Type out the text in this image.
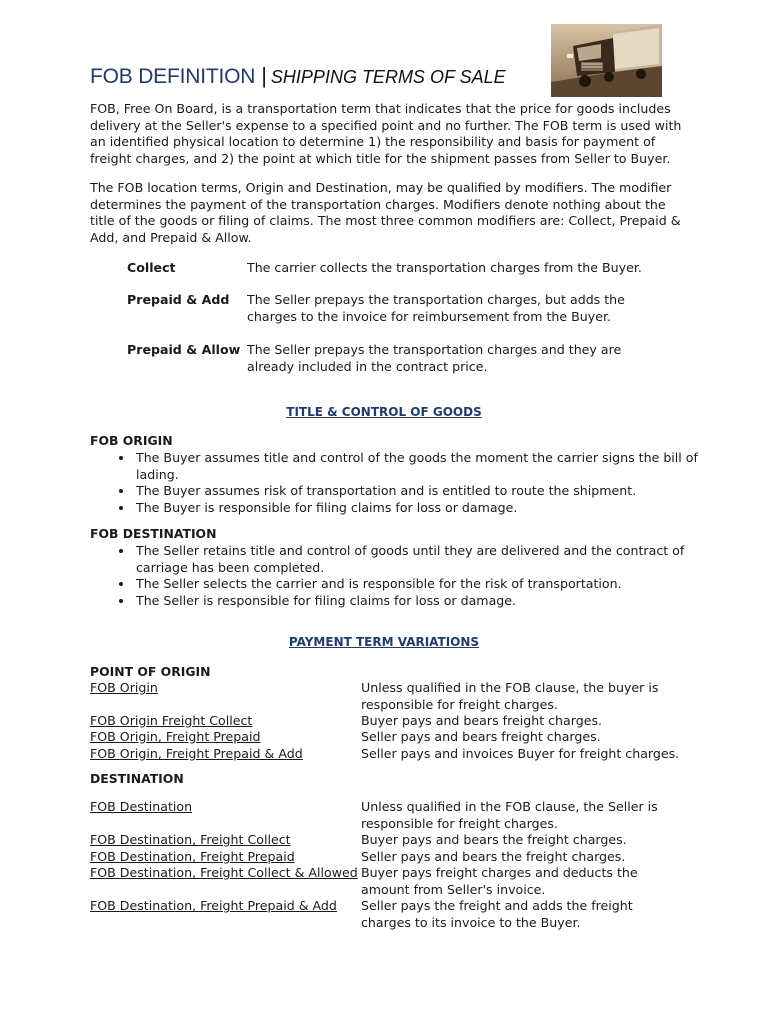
FOB DEFINITION | SHIPPING TERMS OF SALE

FOB, Free On Board, is a transportation term that indicates that the price for goods includes delivery at the Seller's expense to a specified point and no further. The FOB term is used with an identified physical location to determine 1) the responsibility and basis for payment of freight charges, and 2) the point at which title for the shipment passes from Seller to Buyer.

The FOB location terms, Origin and Destination, may be qualified by modifiers. The modifier determines the payment of the transportation charges. Modifiers denote nothing about the title of the goods or filing of claims. The most three common modifiers are: Collect, Prepaid & Add, and Prepaid & Allow.

Collect	The carrier collects the transportation charges from the Buyer.
Prepaid & Add	The Seller prepays the transportation charges, but adds the charges to the invoice for reimbursement from the Buyer.
Prepaid & Allow The Seller prepays the transportation charges and they are already included in the contract price.
TITLE & CONTROL OF GOODS
FOB ORIGIN
• The Buyer assumes title and control of the goods the moment the carrier signs the bill of lading.
• The Buyer assumes risk of transportation and is entitled to route the shipment.
• The Buyer is responsible for filing claims for loss or damage.
FOB DESTINATION
• The Seller retains title and control of goods until they are delivered and the contract of carriage has been completed.
• The Seller selects the carrier and is responsible for the risk of transportation.
• The Seller is responsible for filing claims for loss or damage.
PAYMENT TERM VARIATIONS
POINT OF ORIGIN
FOB Origin	Unless qualified in the FOB clause, the buyer is responsible for freight charges.
FOB Origin Freight Collect	Buyer pays and bears freight charges.
FOB Origin, Freight Prepaid	Seller pays and bears freight charges.
FOB Origin, Freight Prepaid & Add	Seller pays and invoices Buyer for freight charges.
DESTINATION
FOB Destination	Unless qualified in the FOB clause, the Seller is responsible for freight charges.
FOB Destination, Freight Collect	Buyer pays and bears the freight charges.
FOB Destination, Freight Prepaid	Seller pays and bears the freight charges.
FOB Destination, Freight Collect & Allowed Buyer pays freight charges and deducts the amount from Seller's invoice.
FOB Destination, Freight Prepaid & Add Seller pays the freight and adds the freight charges to its invoice to the Buyer.
